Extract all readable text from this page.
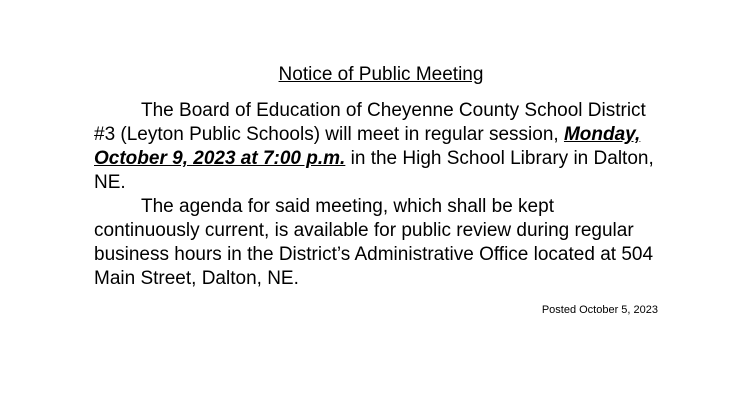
Notice of Public Meeting

The Board of Education of Cheyenne County School District #3 (Leyton Public Schools) will meet in regular session, Monday, October 9, 2023 at 7:00 p.m. in the High School Library in Dalton, NE.

The agenda for said meeting, which shall be kept continuously current, is available for public review during regular business hours in the District’s Administrative Office located at 504 Main Street, Dalton, NE.

Posted October 5, 2023
